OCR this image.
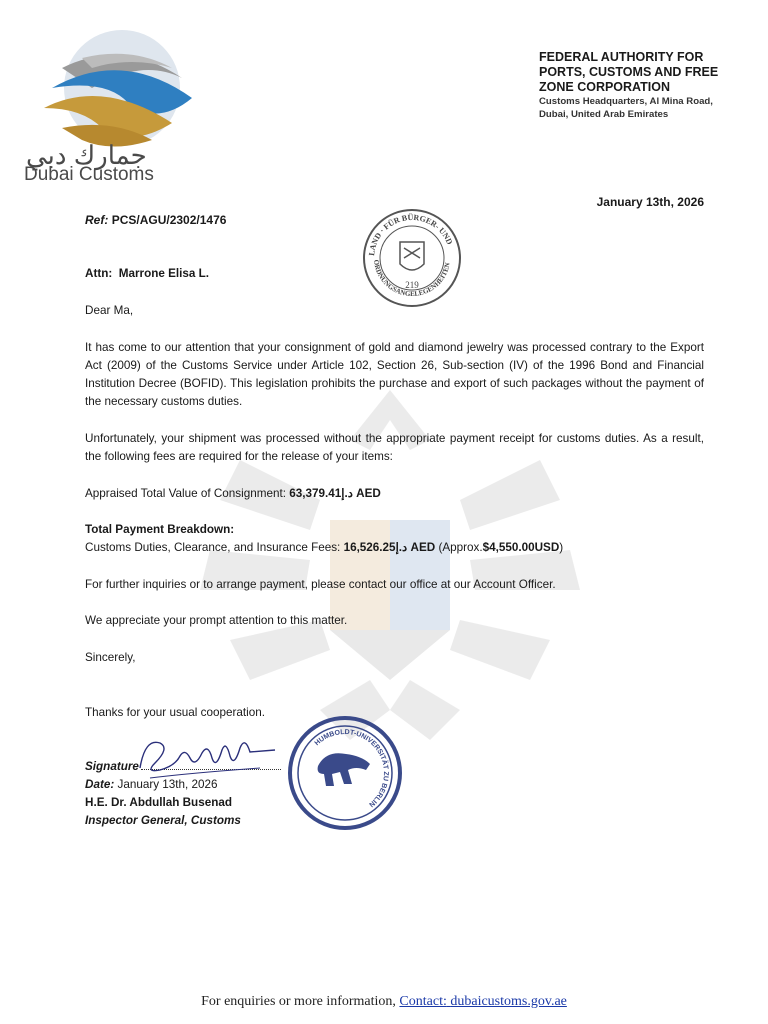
جمارك دبي
Dubai Customs
FEDERAL AUTHORITY FOR
PORTS, CUSTOMS AND FREE
ZONE CORPORATION
Customs Headquarters, Al Mina Road,
Dubai, United Arab Emirates
January 13th, 2026
Ref: PCS/AGU/2302/1476
LAND · FÜR BÜRGER- UND
ORDNUNGSANGELEGENHEITEN
219
Attn: Marrone Elisa L.
Dear Ma,
It has come to our attention that your consignment of gold and diamond jewelry was processed contrary to the Export Act (2009) of the Customs Service under Article 102, Section 26, Sub-section (IV) of the 1996 Bond and Financial Institution Decree (BOFID). This legislation prohibits the purchase and export of such packages without the payment of the necessary customs duties.
Unfortunately, your shipment was processed without the appropriate payment receipt for customs duties. As a result, the following fees are required for the release of your items:
Appraised Total Value of Consignment: د.إ63,379.41 AED
Total Payment Breakdown:
Customs Duties, Clearance, and Insurance Fees: د.إ16,526.25 AED (Approx.$4,550.00USD)
For further inquiries or to arrange payment, please contact our office at our Account Officer.
We appreciate your prompt attention to this matter.
Sincerely,
Thanks for your usual cooperation.
Signature
Date: January 13th, 2026
H.E. Dr. Abdullah Busenad
Inspector General, Customs
HUMBOLDT-UNIVERSITÄT ZU BERLIN
For enquiries or more information, Contact: dubaicustoms.gov.ae
